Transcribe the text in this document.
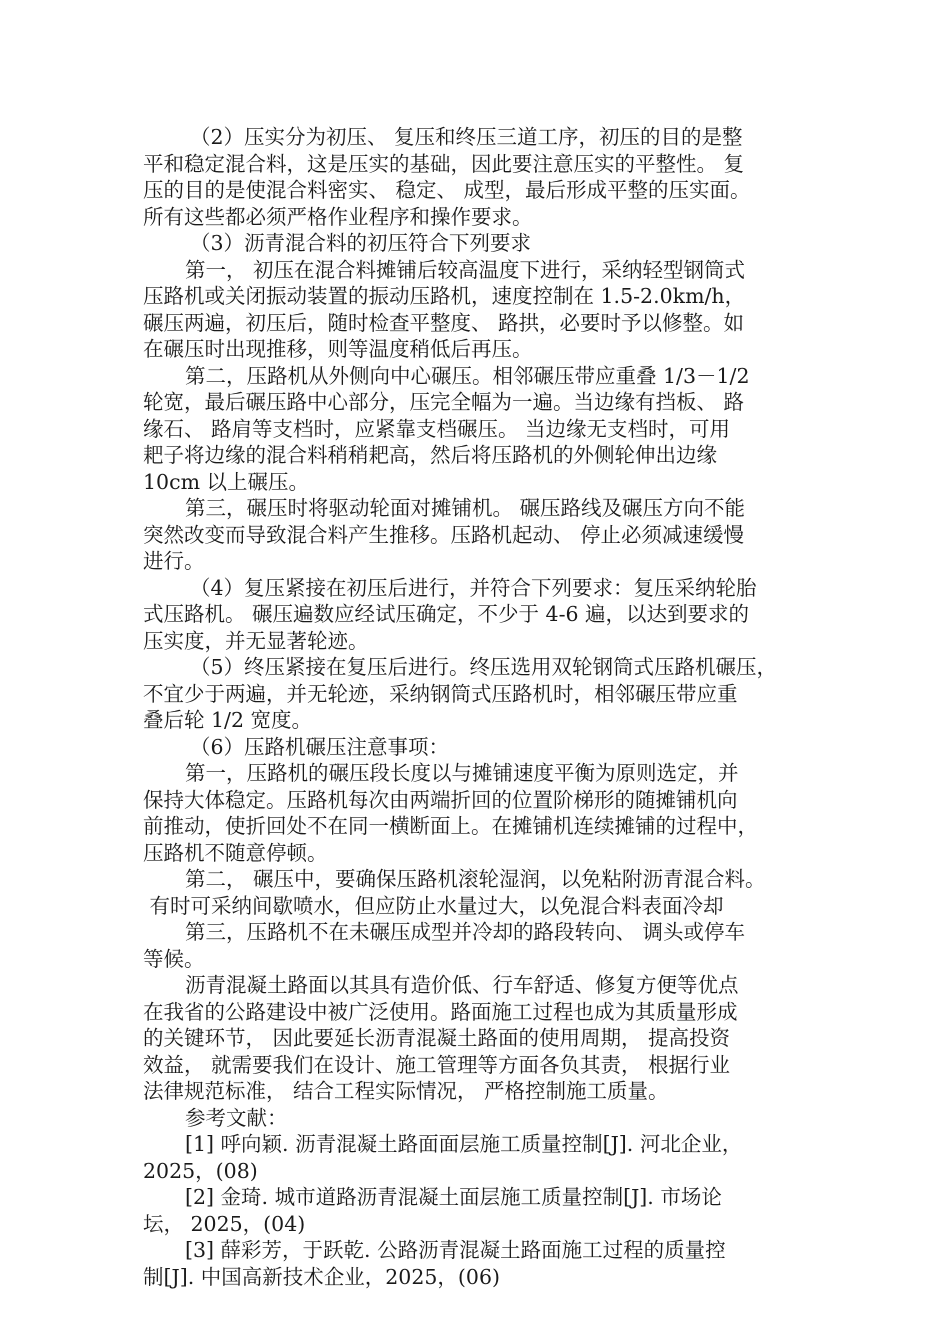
（2）压实分为初压、 复压和终压三道工序，初压的目的是整
平和稳定混合料，这是压实的基础，因此要注意压实的平整性。 复
压的目的是使混合料密实、 稳定、 成型，最后形成平整的压实面。
所有这些都必须严格作业程序和操作要求。
（3）沥青混合料的初压符合下列要求
第一， 初压在混合料摊铺后较高温度下进行，采纳轻型钢筒式
压路机或关闭振动装置的振动压路机，速度控制在 1.5-2.0km/h，
碾压两遍，初压后，随时检查平整度、 路拱，必要时予以修整。如
在碾压时出现推移，则等温度稍低后再压。
第二，压路机从外侧向中心碾压。相邻碾压带应重叠 1/3－1/2
轮宽，最后碾压路中心部分，压完全幅为一遍。当边缘有挡板、 路
缘石、 路肩等支档时，应紧靠支档碾压。 当边缘无支档时，可用
耙子将边缘的混合料稍稍耙高，然后将压路机的外侧轮伸出边缘
10cm 以上碾压。
第三，碾压时将驱动轮面对摊铺机。 碾压路线及碾压方向不能
突然改变而导致混合料产生推移。压路机起动、 停止必须减速缓慢
进行。
（4）复压紧接在初压后进行，并符合下列要求：复压采纳轮胎
式压路机。 碾压遍数应经试压确定，不少于 4-6 遍，以达到要求的
压实度，并无显著轮迹。
（5）终压紧接在复压后进行。终压选用双轮钢筒式压路机碾压，
不宜少于两遍，并无轮迹，采纳钢筒式压路机时，相邻碾压带应重
叠后轮 1/2 宽度。
（6）压路机碾压注意事项：
第一，压路机的碾压段长度以与摊铺速度平衡为原则选定，并
保持大体稳定。压路机每次由两端折回的位置阶梯形的随摊铺机向
前推动，使折回处不在同一横断面上。在摊铺机连续摊铺的过程中，
压路机不随意停顿。
第二， 碾压中，要确保压路机滚轮湿润，以免粘附沥青混合料。
有时可采纳间歇喷水，但应防止水量过大，以免混合料表面冷却
第三，压路机不在未碾压成型并冷却的路段转向、 调头或停车
等候。
沥青混凝土路面以其具有造价低、行车舒适、修复方便等优点
在我省的公路建设中被广泛使用。路面施工过程也成为其质量形成
的关键环节， 因此要延长沥青混凝土路面的使用周期， 提高投资
效益， 就需要我们在设计、施工管理等方面各负其责， 根据行业
法律规范标准， 结合工程实际情况， 严格控制施工质量。
参考文献：
[1] 呼向颖. 沥青混凝土路面面层施工质量控制[J]. 河北企业，
2025，(08)
[2] 金琦. 城市道路沥青混凝土面层施工质量控制[J]. 市场论
坛， 2025，(04)
[3] 薛彩芳，于跃乾. 公路沥青混凝土路面施工过程的质量控
制[J]. 中国高新技术企业，2025，(06)
